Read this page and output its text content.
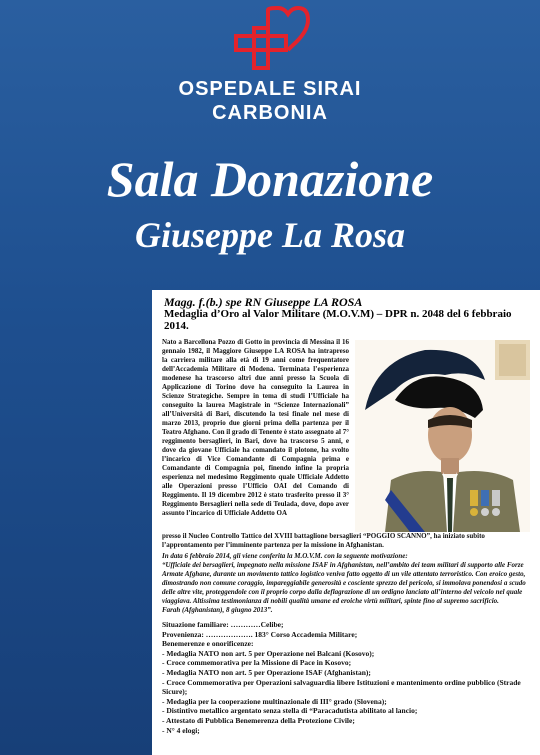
OSPEDALE SIRAI
CARBONIA
Sala Donazione
Giuseppe La Rosa
Magg. f.(b.) spe RN Giuseppe LA ROSA
Medaglia d’Oro al Valor Militare (M.O.V.M) – DPR n. 2048 del 6 febbraio 2014.
Nato a Barcellona Pozzo di Gotto in provincia di Messina il 16 gennaio 1982, il Maggiore Giuseppe LA ROSA ha intrapreso la carriera militare alla età di 19 anni come frequentatore dell’Accademia Militare di Modena. Terminata l’esperienza modenese ha trascorso altri due anni presso la Scuola di Applicazione di Torino dove ha conseguito la Laurea in Scienze Strategiche. Sempre in tema di studi l’Ufficiale ha conseguito la laurea Magistrale in “Scienze Internazionali” all’Università di Bari, discutendo la tesi finale nel mese di marzo 2013, proprio due giorni prima della partenza per il Teatro Afghano. Con il grado di Tenente è stato assegnato al 7° reggimento bersaglieri, in Bari, dove ha trascorso 5 anni, e dove da giovane Ufficiale ha comandato il plotone, ha svolto l’incarico di Vice Comandante di Compagnia prima e Comandante di Compagnia poi, finendo infine la propria esperienza nel medesimo Reggimento quale Ufficiale Addetto alle Operazioni presso l’Ufficio OAI del Comando di Reggimento. Il 19 dicembre 2012 è stato trasferito presso il 3° Reggimento Bersaglieri nella sede di Teulada, dove, dopo aver assunto l’incarico di Ufficiale Addetto OA
presso il Nucleo Controllo Tattico del XVIII battaglione bersaglieri “POGGIO SCANNO”, ha iniziato subito l’approntamento per l’imminente partenza per la missione in Afghanistan.
In data 6 febbraio 2014, gli viene conferita la M.O.V.M. con la seguente motivazione:
“Ufficiale dei bersaglieri, impegnato nella missione ISAF in Afghanistan, nell’ambito dei team militari di supporto alle Forze Armate Afghane, durante un movimento tattico logistico veniva fatto oggetto di un vile attentato terroristico. Con eroico gesto, dimostrando non comune coraggio, impareggiabile generosità e cosciente sprezzo del pericolo, si immolava ponendosi a scudo delle altre vite, proteggendole con il proprio corpo dalla deflagrazione di un ordigno lanciato all’interno del veicolo nel quale viaggiava. Altissima testimonianza di nobili qualità umane ed eroiche virtù militari, spinte fino al supremo sacrificio.
Farah (Afghanistan), 8 giugno 2013”.
Situazione familiare: …………Celibe;
Provenienza: ………………. 183° Corso Accademia Militare;
Benemerenze e onorificenze:
- Medaglia NATO non art. 5 per Operazione nei Balcani (Kosovo);
- Croce commemorativa per la Missione di Pace in Kosovo;
- Medaglia NATO non art. 5 per Operazione ISAF (Afghanistan);
- Croce Commemorativa per Operazioni salvaguardia libere Istituzioni e mantenimento ordine pubblico (Strade Sicure);
- Medaglia per la cooperazione multinazionale di III° grado (Slovena);
- Distintivo metallico argentato senza stella di “Paracadutista abilitato al lancio;
- Attestato di Pubblica Benemerenza della Protezione Civile;
- N° 4 elogi;
